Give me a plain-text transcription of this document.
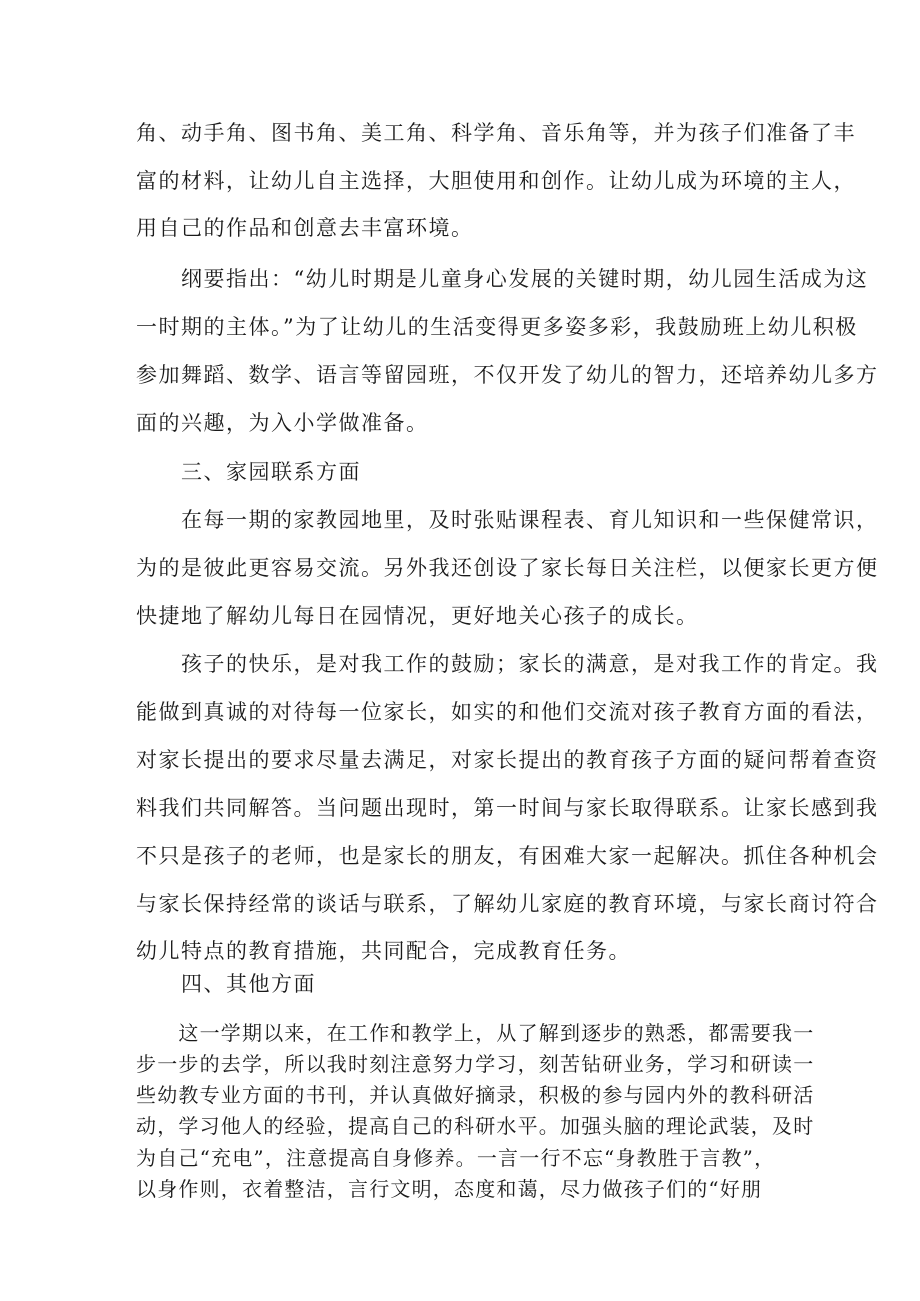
角、动手角、图书角、美工角、科学角、音乐角等，并为孩子们准备了丰
富的材料，让幼儿自主选择，大胆使用和创作。让幼儿成为环境的主人，
用自己的作品和创意去丰富环境。
　　纲要指出：“幼儿时期是儿童身心发展的关键时期，幼儿园生活成为这
一时期的主体。”为了让幼儿的生活变得更多姿多彩，我鼓励班上幼儿积极
参加舞蹈、数学、语言等留园班，不仅开发了幼儿的智力，还培养幼儿多方
面的兴趣，为入小学做准备。
　　三、家园联系方面
　　在每一期的家教园地里，及时张贴课程表、育儿知识和一些保健常识，
为的是彼此更容易交流。另外我还创设了家长每日关注栏，以便家长更方便
快捷地了解幼儿每日在园情况，更好地关心孩子的成长。
　　孩子的快乐，是对我工作的鼓励；家长的满意，是对我工作的肯定。我
能做到真诚的对待每一位家长，如实的和他们交流对孩子教育方面的看法，
对家长提出的要求尽量去满足，对家长提出的教育孩子方面的疑问帮着查资
料我们共同解答。当问题出现时，第一时间与家长取得联系。让家长感到我
不只是孩子的老师，也是家长的朋友，有困难大家一起解决。抓住各种机会
与家长保持经常的谈话与联系，了解幼儿家庭的教育环境，与家长商讨符合
幼儿特点的教育措施，共同配合，完成教育任务。
　　四、其他方面
　　这一学期以来，在工作和教学上，从了解到逐步的熟悉，都需要我一
步一步的去学，所以我时刻注意努力学习，刻苦钻研业务，学习和研读一
些幼教专业方面的书刊，并认真做好摘录，积极的参与园内外的教科研活
动，学习他人的经验，提高自己的科研水平。加强头脑的理论武装，及时
为自己“充电”，注意提高自身修养。一言一行不忘“身教胜于言教”，
以身作则，衣着整洁，言行文明，态度和蔼，尽力做孩子们的“好朋
